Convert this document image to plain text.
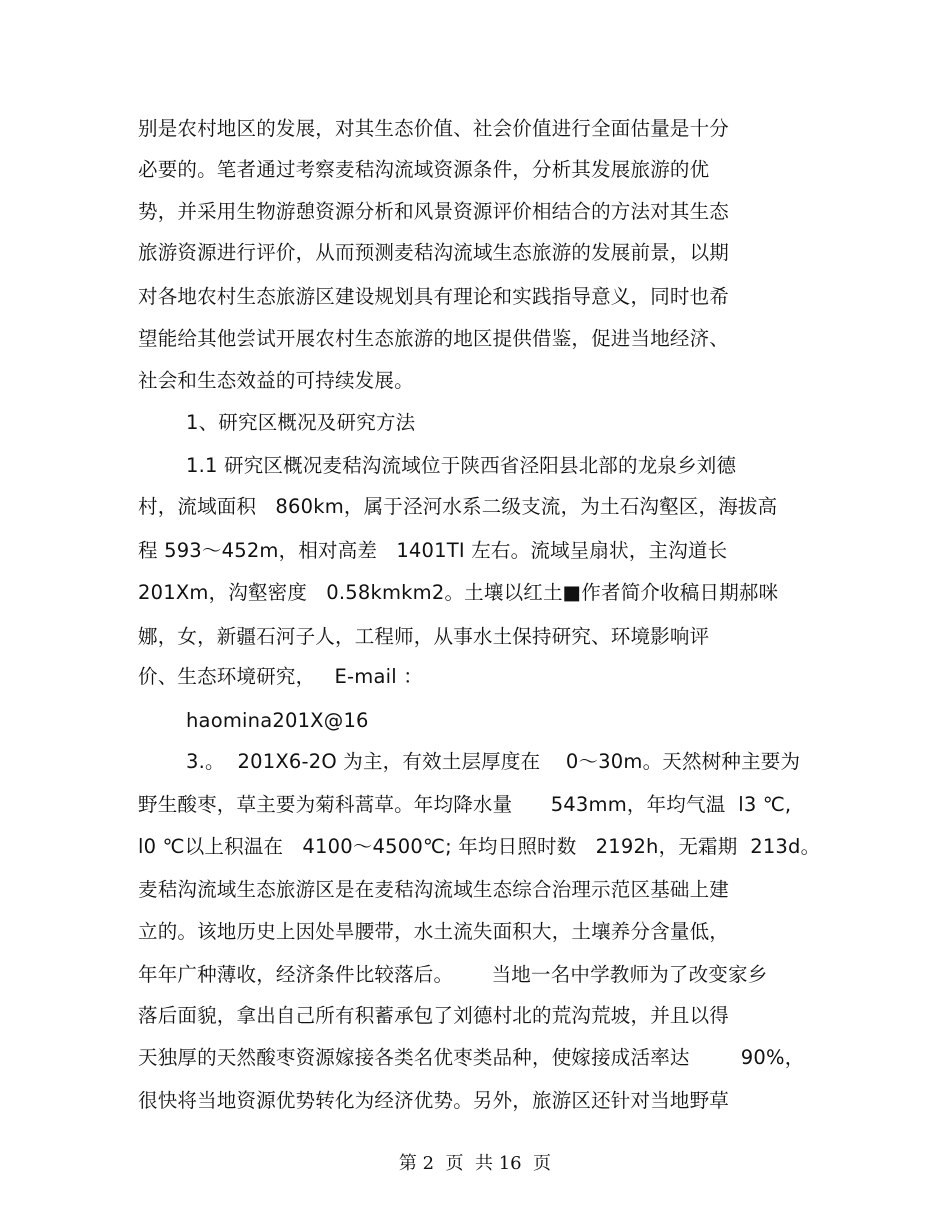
别是农村地区的发展，对其生态价值、社会价值进行全面估量是十分
必要的。笔者通过考察麦秸沟流域资源条件，分析其发展旅游的优
势，并采用生物游憩资源分析和风景资源评价相结合的方法对其生态
旅游资源进行评价，从而预测麦秸沟流域生态旅游的发展前景，以期
对各地农村生态旅游区建设规划具有理论和实践指导意义，同时也希
望能给其他尝试开展农村生态旅游的地区提供借鉴，促进当地经济、
社会和生态效益的可持续发展。
1、研究区概况及研究方法
1.1 研究区概况麦秸沟流域位于陕西省泾阳县北部的龙泉乡刘德
村，流域面积   860km，属于泾河水系二级支流，为土石沟壑区，海拔高
程 593～452m，相对高差   1401TI 左右。流域呈扇状，主沟道长
201Xm，沟壑密度   0.58kmkm2。土壤以红土■作者简介收稿日期郝咪
娜，女，新疆石河子人，工程师，从事水土保持研究、环境影响评
价、生态环境研究，   E-mail ：
haomina201X@16
3.。  201X6-2O 为主，有效土层厚度在    0～30m。天然树种主要为
野生酸枣，草主要为菊科蒿草。年均降水量      543mm，年均气温  l3 ℃,
l0 ℃以上积温在   4100～4500℃; 年均日照时数   2192h，无霜期  213d。
麦秸沟流域生态旅游区是在麦秸沟流域生态综合治理示范区基础上建
立的。该地历史上因处旱腰带，水土流失面积大，土壤养分含量低，
年年广种薄收，经济条件比较落后。      当地一名中学教师为了改变家乡
落后面貌，拿出自己所有积蓄承包了刘德村北的荒沟荒坡，并且以得
天独厚的天然酸枣资源嫁接各类名优枣类品种，使嫁接成活率达        90%，
很快将当地资源优势转化为经济优势。另外，旅游区还针对当地野草
第 2  页  共 16  页
